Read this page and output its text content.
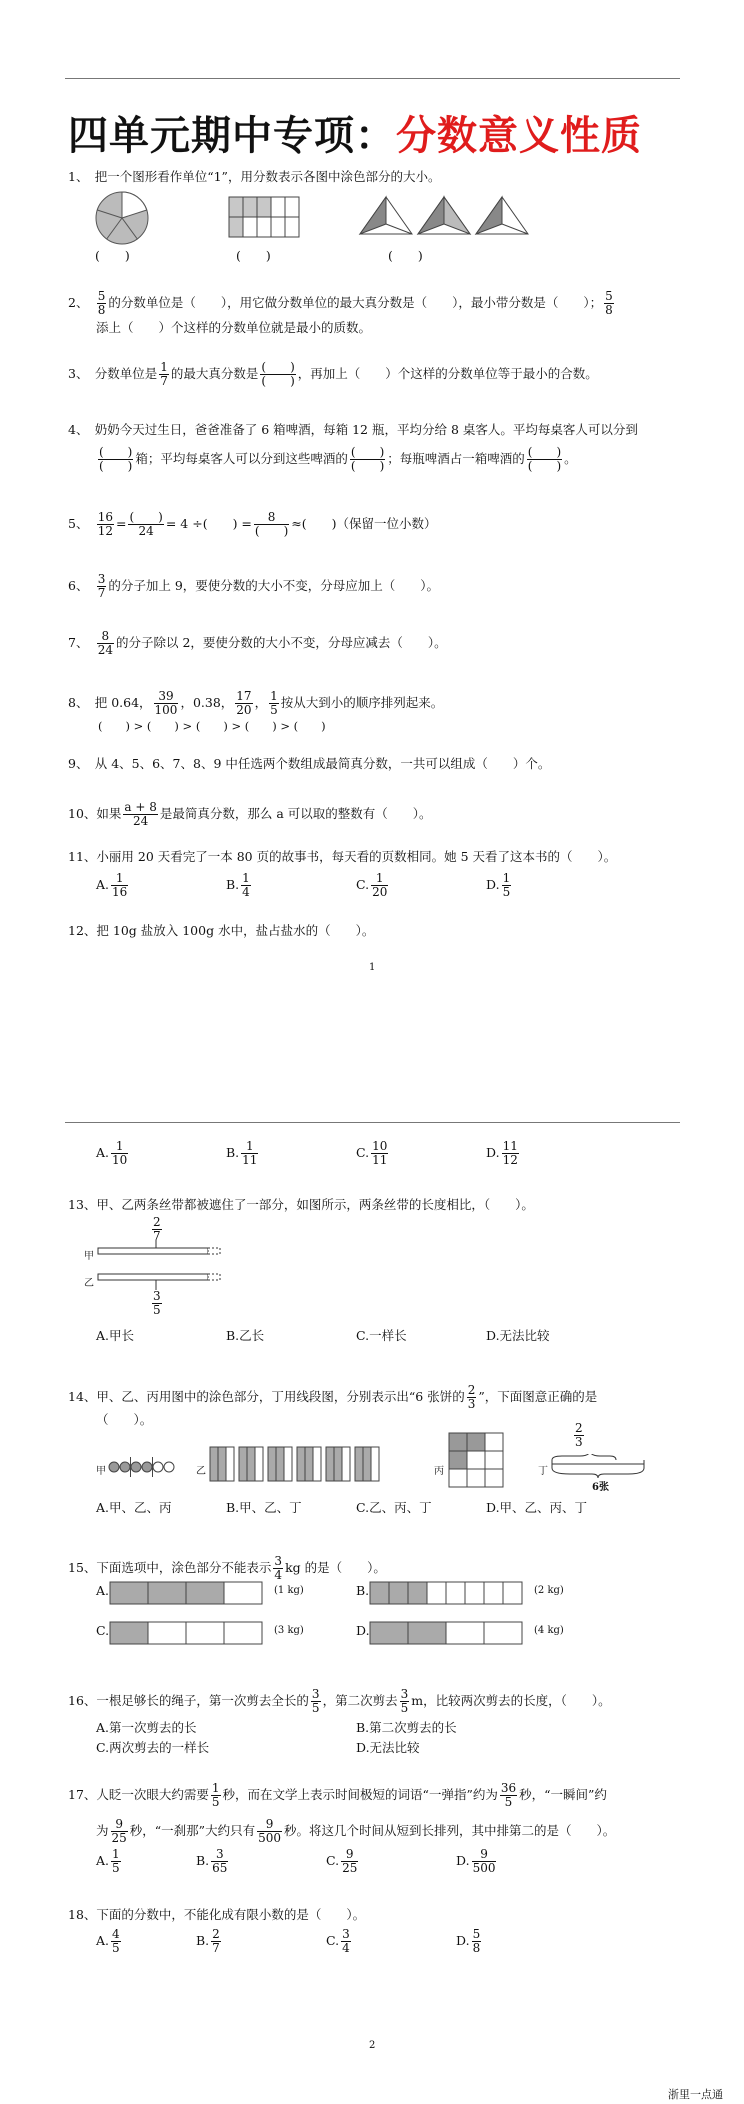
四单元期中专项：分数意义性质
1、　 把一个图形看作单位“1”，用分数表示各图中涂色部分的大小。
(　　)	(　　)	(　　)
2、　 $\frac{5}{8}$ 的分数单位是（　　），用它做分数单位的最大真分数是（　　），最小带分数是（　　）； $\frac{5}{8}$
添上（　　）个这样的分数单位就是最小的质数。
3、　 分数单位是 $\frac{1}{7}$ 的最大真分数是 $\frac{( )}{( )}$ ，再加上（　　）个这样的分数单位等于最小的合数。
4、　 奶奶今天过生日，爸爸准备了 6 箱啤酒，每箱 12 瓶，平均分给 8 桌客人。平均每桌客人可以分到
$\frac{( )}{( )}$ 箱；平均每桌客人可以分到这些啤酒的 $\frac{( )}{( )}$ ；每瓶啤酒占一箱啤酒的 $\frac{( )}{( )}$ 。
5、　 $\frac{16}{12} = \frac{( )}{24} = 4$ ÷(　　) = $\frac{8}{( )}$ ≈(　　)（保留一位小数）
6、　 $\frac{3}{7}$ 的分子加上 9，要使分数的大小不变，分母应加上（　　）。
7、　 $\frac{8}{24}$ 的分子除以 2，要使分数的大小不变，分母应减去（　　）。
8、　 把 0.64， $\frac{39}{100}$ ，0.38， $\frac{17}{20}$ ， $\frac{1}{5}$ 按从大到小的顺序排列起来。
(　　) > (　　) > (　　) > (　　) > (　　)
9、　 从 4、5、6、7、8、9 中任选两个数组成最简真分数，一共可以组成（　　）个。
10、如果 $\frac{a + 8}{24}$ 是最简真分数，那么 a 可以取的整数有（　　）。
11、小丽用 20 天看完了一本 80 页的故事书，每天看的页数相同。她 5 天看了这本书的（　　）。
A. $\frac{1}{16}$	B. $\frac{1}{4}$	C. $\frac{1}{20}$	D. $\frac{1}{5}$
12、把 10g 盐放入 100g 水中，盐占盐水的（　　）。
1
A. $\frac{1}{10}$	B. $\frac{1}{11}$	C. $\frac{10}{11}$	D. $\frac{11}{12}$
13、甲、乙两条丝带都被遮住了一部分，如图所示，两条丝带的长度相比，（　　）。
$\frac{2}{7}$
甲
乙
$\frac{3}{5}$
A.甲长	B.乙长	C.一样长	D.无法比较
14、甲、乙、丙用图中的涂色部分，丁用线段图，分别表示出“6 张饼的 $\frac{2}{3}$ ”，下面图意正确的是
（　　）。
甲	乙	丙	丁
$\frac{2}{3}$
6张
A.甲、乙、丙	B.甲、乙、丁	C.乙、丙、丁	D.甲、乙、丙、丁
15、下面选项中，涂色部分不能表示 $\frac{3}{4}$ kg 的是（　　）。
A.	(1 kg)	B.	(2 kg)
C.	(3 kg)	D.	(4 kg)
16、一根足够长的绳子，第一次剪去全长的 $\frac{3}{5}$ ，第二次剪去 $\frac{3}{5}$ m，比较两次剪去的长度，（　　）。
A.第一次剪去的长	B.第二次剪去的长
C.两次剪去的一样长	D.无法比较
17、人眨一次眼大约需要 $\frac{1}{5}$ 秒，而在文学上表示时间极短的词语“一弹指”约为 $\frac{36}{5}$ 秒，“一瞬间”约
为 $\frac{9}{25}$ 秒，“一刹那”大约只有 $\frac{9}{500}$ 秒。将这几个时间从短到长排列，其中排第二的是（　　）。
A. $\frac{1}{5}$	B. $\frac{3}{65}$	C. $\frac{9}{25}$	D. $\frac{9}{500}$
18、下面的分数中，不能化成有限小数的是（　　）。
A. $\frac{4}{5}$	B. $\frac{2}{7}$	C. $\frac{3}{4}$	D. $\frac{5}{8}$
2
浙里一点通
